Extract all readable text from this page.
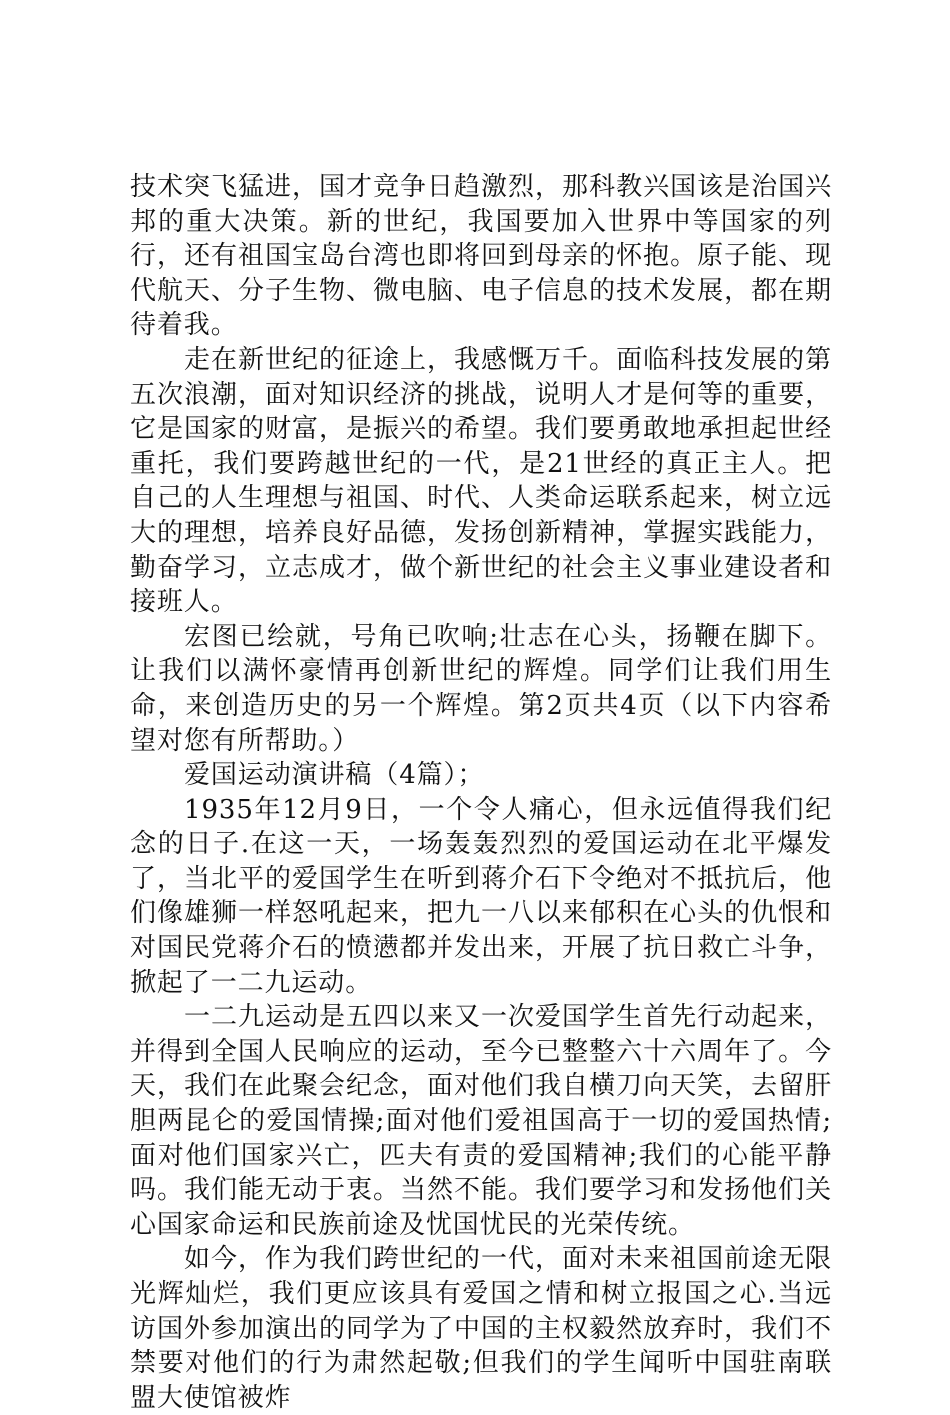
技术突飞猛进，国才竞争日趋激烈，那科教兴国该是治国兴邦的重大决策。新的世纪，我国要加入世界中等国家的列行，还有祖国宝岛台湾也即将回到母亲的怀抱。原子能、现代航天、分子生物、微电脑、电子信息的技术发展，都在期待着我。

走在新世纪的征途上，我感慨万千。面临科技发展的第五次浪潮，面对知识经济的挑战，说明人才是何等的重要，它是国家的财富，是振兴的希望。我们要勇敢地承担起世经重托，我们要跨越世纪的一代，是21世经的真正主人。把自己的人生理想与祖国、时代、人类命运联系起来，树立远大的理想，培养良好品德，发扬创新精神，掌握实践能力，勤奋学习，立志成才，做个新世纪的社会主义事业建设者和接班人。

宏图已绘就，号角已吹响;壮志在心头，扬鞭在脚下。让我们以满怀豪情再创新世纪的辉煌。同学们让我们用生命，来创造历史的另一个辉煌。第2页共4页（以下内容希望对您有所帮助。）

爱国运动演讲稿（4篇）；

1935年12月9日，一个令人痛心，但永远值得我们纪念的日子.在这一天，一场轰轰烈烈的爱国运动在北平爆发了，当北平的爱国学生在听到蒋介石下令绝对不抵抗后，他们像雄狮一样怒吼起来，把九一八以来郁积在心头的仇恨和对国民党蒋介石的愤懑都并发出来，开展了抗日救亡斗争，掀起了一二九运动。

一二九运动是五四以来又一次爱国学生首先行动起来，并得到全国人民响应的运动，至今已整整六十六周年了。今天，我们在此聚会纪念，面对他们我自横刀向天笑，去留肝胆两昆仑的爱国情操;面对他们爱祖国高于一切的爱国热情;面对他们国家兴亡，匹夫有责的爱国精神;我们的心能平静吗。我们能无动于衷。当然不能。我们要学习和发扬他们关心国家命运和民族前途及忧国忧民的光荣传统。

如今，作为我们跨世纪的一代，面对未来祖国前途无限光辉灿烂，我们更应该具有爱国之情和树立报国之心.当远访国外参加演出的同学为了中国的主权毅然放弃时，我们不禁要对他们的行为肃然起敬;但我们的学生闻听中国驻南联盟大使馆被炸
